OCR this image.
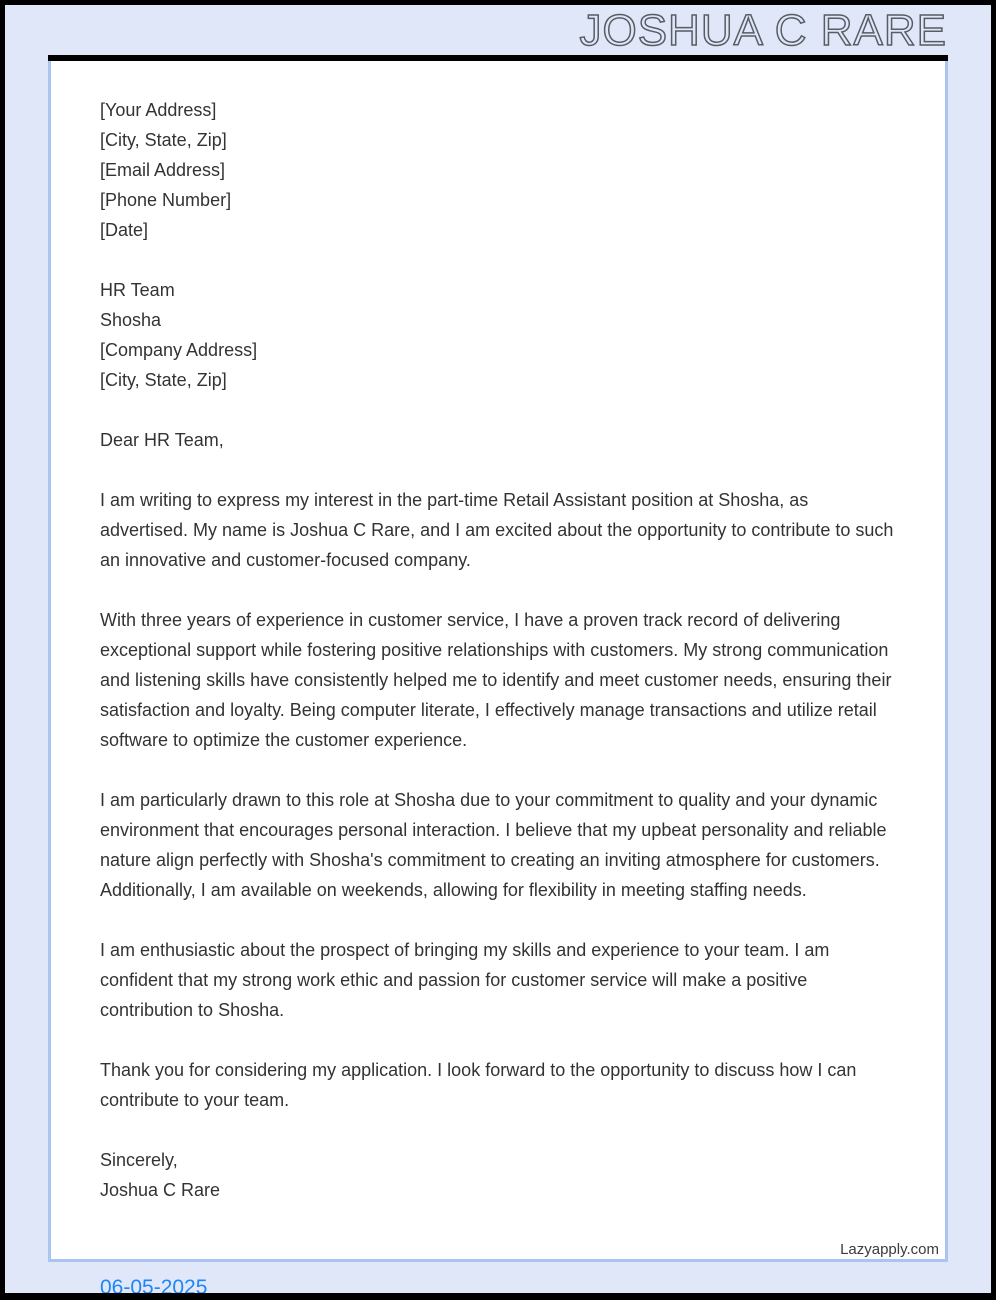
JOSHUA C RARE
[Your Address]
[City, State, Zip]
[Email Address]
[Phone Number]
[Date]
HR Team
Shosha
[Company Address]
[City, State, Zip]
Dear HR Team,
I am writing to express my interest in the part-time Retail Assistant position at Shosha, as advertised. My name is Joshua C Rare, and I am excited about the opportunity to contribute to such an innovative and customer-focused company.
With three years of experience in customer service, I have a proven track record of delivering exceptional support while fostering positive relationships with customers. My strong communication and listening skills have consistently helped me to identify and meet customer needs, ensuring their satisfaction and loyalty. Being computer literate, I effectively manage transactions and utilize retail software to optimize the customer experience.
I am particularly drawn to this role at Shosha due to your commitment to quality and your dynamic environment that encourages personal interaction. I believe that my upbeat personality and reliable nature align perfectly with Shosha's commitment to creating an inviting atmosphere for customers. Additionally, I am available on weekends, allowing for flexibility in meeting staffing needs.
I am enthusiastic about the prospect of bringing my skills and experience to your team. I am confident that my strong work ethic and passion for customer service will make a positive contribution to Shosha.
Thank you for considering my application. I look forward to the opportunity to discuss how I can contribute to your team.
Sincerely,
Joshua C Rare
Lazyapply.com
06-05-2025
